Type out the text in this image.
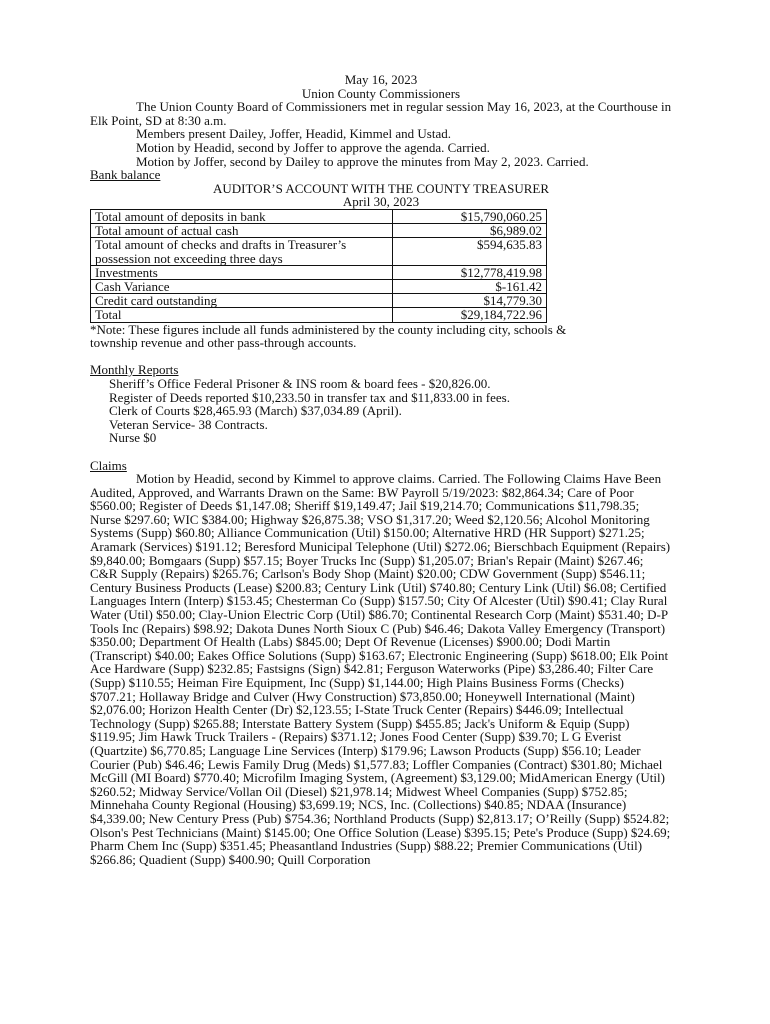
May 16, 2023
Union County Commissioners
The Union County Board of Commissioners met in regular session May 16, 2023, at the Courthouse in Elk Point, SD at 8:30 a.m.
Members present Dailey, Joffer, Headid, Kimmel and Ustad.
Motion by Headid, second by Joffer to approve the agenda. Carried.
Motion by Joffer, second by Dailey to approve the minutes from May 2, 2023. Carried.
Bank balance
AUDITOR’S ACCOUNT WITH THE COUNTY TREASURER
April 30, 2023
Total amount of deposits in bank	$15,790,060.25
Total amount of actual cash	$6,989.02
Total amount of checks and drafts in Treasurer’s possession not exceeding three days	$594,635.83
Investments	$12,778,419.98
Cash Variance	$-161.42
Credit card outstanding	$14,779.30
Total	$29,184,722.96
*Note: These figures include all funds administered by the county including city, schools & township revenue and other pass-through accounts.
Monthly Reports
Sheriff’s Office Federal Prisoner & INS room & board fees - $20,826.00.
Register of Deeds reported $10,233.50 in transfer tax and $11,833.00 in fees.
Clerk of Courts $28,465.93 (March) $37,034.89 (April).
Veteran Service- 38 Contracts.
Nurse $0
Claims
Motion by Headid, second by Kimmel to approve claims. Carried. The Following Claims Have Been Audited, Approved, and Warrants Drawn on the Same: BW Payroll 5/19/2023: $82,864.34; Care of Poor $560.00; Register of Deeds $1,147.08; Sheriff $19,149.47; Jail $19,214.70; Communications $11,798.35; Nurse $297.60; WIC $384.00; Highway $26,875.38; VSO $1,317.20; Weed $2,120.56; Alcohol Monitoring Systems (Supp) $60.80; Alliance Communication (Util) $150.00; Alternative HRD (HR Support) $271.25; Aramark (Services) $191.12; Beresford Municipal Telephone (Util) $272.06; Bierschbach Equipment (Repairs) $9,840.00; Bomgaars (Supp) $57.15; Boyer Trucks Inc (Supp) $1,205.07; Brian's Repair (Maint) $267.46; C&R Supply (Repairs) $265.76; Carlson's Body Shop (Maint) $20.00; CDW Government (Supp) $546.11; Century Business Products (Lease) $200.83; Century Link (Util) $740.80; Century Link (Util) $6.08; Certified Languages Intern (Interp) $153.45; Chesterman Co (Supp) $157.50; City Of Alcester (Util) $90.41; Clay Rural Water (Util) $50.00; Clay-Union Electric Corp (Util) $86.70; Continental Research Corp (Maint) $531.40; D-P Tools Inc (Repairs) $98.92; Dakota Dunes North Sioux C (Pub) $46.46; Dakota Valley Emergency (Transport) $350.00; Department Of Health (Labs) $845.00; Dept Of Revenue (Licenses) $900.00; Dodi Martin (Transcript) $40.00; Eakes Office Solutions (Supp) $163.67; Electronic Engineering (Supp) $618.00; Elk Point Ace Hardware (Supp) $232.85; Fastsigns (Sign) $42.81; Ferguson Waterworks (Pipe) $3,286.40; Filter Care (Supp) $110.55; Heiman Fire Equipment, Inc (Supp) $1,144.00; High Plains Business Forms (Checks) $707.21; Hollaway Bridge and Culver (Hwy Construction) $73,850.00; Honeywell International (Maint) $2,076.00; Horizon Health Center (Dr) $2,123.55; I-State Truck Center (Repairs) $446.09; Intellectual Technology (Supp) $265.88; Interstate Battery System (Supp) $455.85; Jack's Uniform & Equip (Supp) $119.95; Jim Hawk Truck Trailers - (Repairs) $371.12; Jones Food Center (Supp) $39.70; L G Everist (Quartzite) $6,770.85; Language Line Services (Interp) $179.96; Lawson Products (Supp) $56.10; Leader Courier (Pub) $46.46; Lewis Family Drug (Meds) $1,577.83; Loffler Companies (Contract) $301.80; Michael McGill (MI Board) $770.40; Microfilm Imaging System, (Agreement) $3,129.00; MidAmerican Energy (Util) $260.52; Midway Service/Vollan Oil (Diesel) $21,978.14; Midwest Wheel Companies (Supp) $752.85; Minnehaha County Regional (Housing) $3,699.19; NCS, Inc. (Collections) $40.85; NDAA (Insurance) $4,339.00; New Century Press (Pub) $754.36; Northland Products (Supp) $2,813.17; O’Reilly (Supp) $524.82; Olson's Pest Technicians (Maint) $145.00; One Office Solution (Lease) $395.15; Pete's Produce (Supp) $24.69; Pharm Chem Inc (Supp) $351.45; Pheasantland Industries (Supp) $88.22; Premier Communications (Util) $266.86; Quadient (Supp) $400.90; Quill Corporation
